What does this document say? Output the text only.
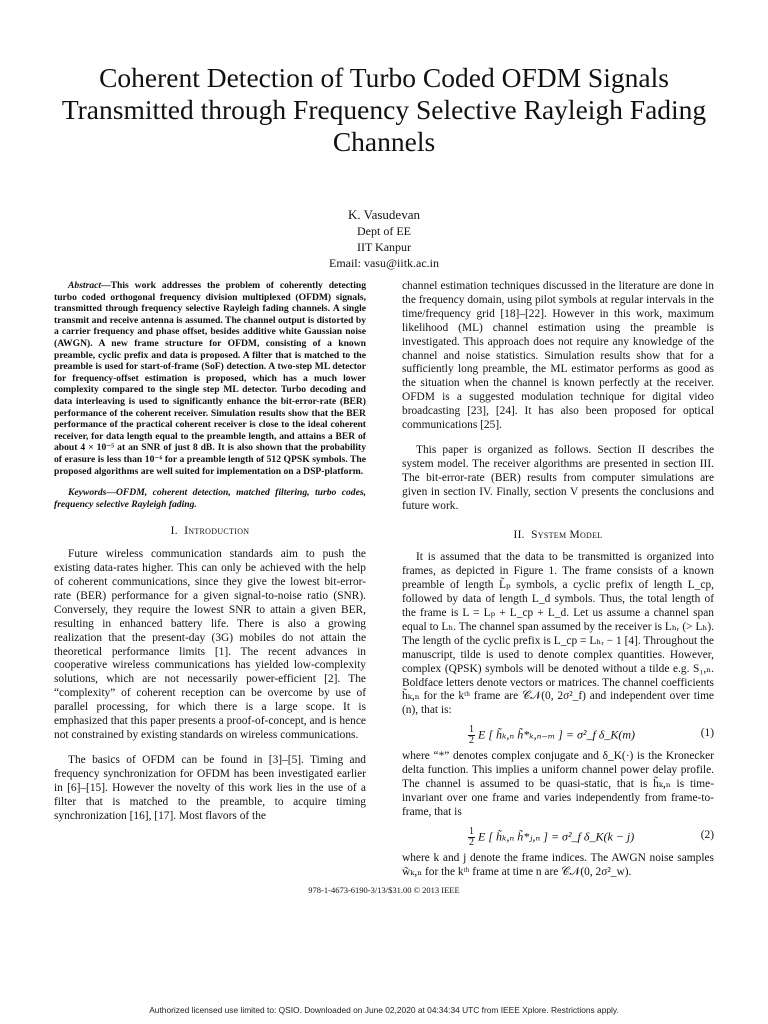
Coherent Detection of Turbo Coded OFDM Signals Transmitted through Frequency Selective Rayleigh Fading Channels
K. Vasudevan
Dept of EE
IIT Kanpur
Email: vasu@iitk.ac.in

Abstract—This work addresses the problem of coherently detecting turbo coded orthogonal frequency division multiplexed (OFDM) signals, transmitted through frequency selective Rayleigh fading channels. A single transmit and receive antenna is assumed. The channel output is distorted by a carrier frequency and phase offset, besides additive white Gaussian noise (AWGN). A new frame structure for OFDM, consisting of a known preamble, cyclic prefix and data is proposed. A filter that is matched to the preamble is used for start-of-frame (SoF) detection. A two-step ML detector for frequency-offset estimation is proposed, which has a much lower complexity compared to the single step ML detector. Turbo decoding and data interleaving is used to significantly enhance the bit-error-rate (BER) performance of the coherent receiver. Simulation results show that the BER performance of the practical coherent receiver is close to the ideal coherent receiver, for data length equal to the preamble length, and attains a BER of about 4 × 10⁻⁵ at an SNR of just 8 dB. It is also shown that the probability of erasure is less than 10⁻⁶ for a preamble length of 512 QPSK symbols. The proposed algorithms are well suited for implementation on a DSP-platform.

Keywords—OFDM, coherent detection, matched filtering, turbo codes, frequency selective Rayleigh fading.

I. Introduction

Future wireless communication standards aim to push the existing data-rates higher. This can only be achieved with the help of coherent communications, since they give the lowest bit-error-rate (BER) performance for a given signal-to-noise ratio (SNR). Conversely, they require the lowest SNR to attain a given BER, resulting in enhanced battery life. There is also a growing realization that the present-day (3G) mobiles do not attain the theoretical performance limits [1]. The recent advances in cooperative wireless communications has yielded low-complexity solutions, which are not necessarily power-efficient [2]. The “complexity” of coherent reception can be overcome by use of parallel processing, for which there is a large scope. It is emphasized that this paper presents a proof-of-concept, and is hence not constrained by existing standards on wireless communications.

The basics of OFDM can be found in [3]–[5]. Timing and frequency synchronization for OFDM has been investigated earlier in [6]–[15]. However the novelty of this work lies in the use of a filter that is matched to the preamble, to acquire timing synchronization [16], [17]. Most flavors of the

channel estimation techniques discussed in the literature are done in the frequency domain, using pilot symbols at regular intervals in the time/frequency grid [18]–[22]. However in this work, maximum likelihood (ML) channel estimation using the preamble is investigated. This approach does not require any knowledge of the channel and noise statistics. Simulation results show that for a sufficiently long preamble, the ML estimator performs as good as the situation when the channel is known perfectly at the receiver. OFDM is a suggested modulation technique for digital video broadcasting [23], [24]. It has also been proposed for optical communications [25].

This paper is organized as follows. Section II describes the system model. The receiver algorithms are presented in section III. The bit-error-rate (BER) results from computer simulations are given in section IV. Finally, section V presents the conclusions and future work.

II. System Model

It is assumed that the data to be transmitted is organized into frames, as depicted in Figure 1. The frame consists of a known preamble of length L̃ₚ symbols, a cyclic prefix of length L_cp, followed by data of length L_d symbols. Thus, the total length of the frame is L = Lₚ + L_cp + L_d. Let us assume a channel span equal to Lₕ. The channel span assumed by the receiver is Lₕᵣ (> Lₕ). The length of the cyclic prefix is L_cp = Lₕᵣ − 1 [4]. Throughout the manuscript, tilde is used to denote complex quantities. However, complex (QPSK) symbols will be denoted without a tilde e.g. S₁,ₙ. Boldface letters denote vectors or matrices. The channel coefficients h̃ₖ,ₙ for the kᵗʰ frame are 𝒞𝒩(0, 2σ²_f) and independent over time (n), that is:

$\frac{1}{2}$ E [ h̃ₖ,ₙ h̃*ₖ,ₙ₋ₘ ] = σ²_f δ_K(m)	(1)

where “*” denotes complex conjugate and δ_K(·) is the Kronecker delta function. This implies a uniform channel power delay profile. The channel is assumed to be quasi-static, that is h̃ₖ,ₙ is time-invariant over one frame and varies independently from frame-to-frame, that is

$\frac{1}{2}$ E [ h̃ₖ,ₙ h̃*ⱼ,ₙ ] = σ²_f δ_K(k − j)	(2)

where k and j denote the frame indices. The AWGN noise samples w̃ₖ,ₙ for the kᵗʰ frame at time n are 𝒞𝒩(0, 2σ²_w).

978-1-4673-6190-3/13/$31.00 © 2013 IEEE
Authorized licensed use limited to: QSIO. Downloaded on June 02,2020 at 04:34:34 UTC from IEEE Xplore. Restrictions apply.
